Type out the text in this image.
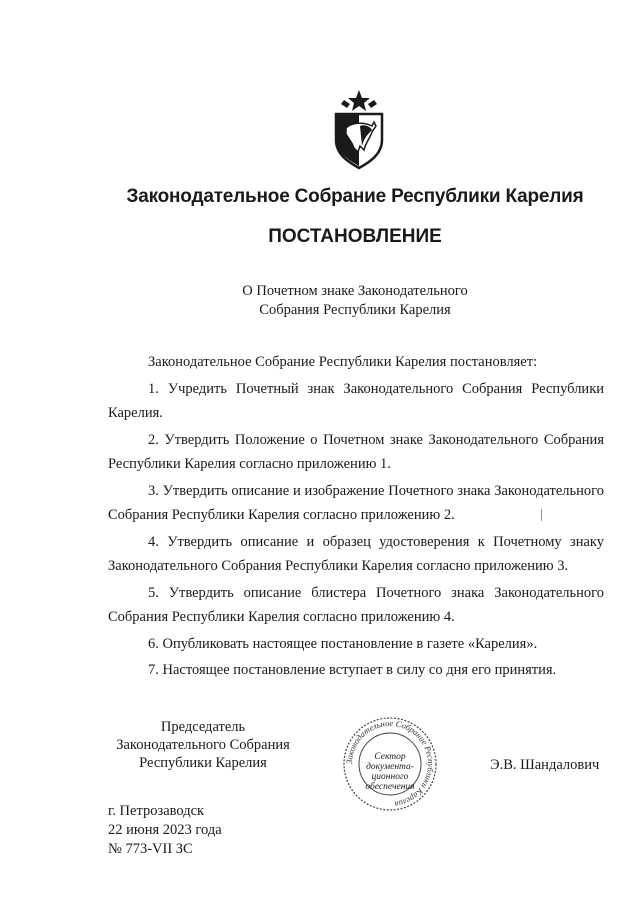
Законодательное Собрание Республики Карелия
ПОСТАНОВЛЕНИЕ
О Почетном знаке Законодательного
Собрания Республики Карелия

Законодательное Собрание Республики Карелия постановляет:

1. Учредить Почетный знак Законодательного Собрания Республики Карелия.

2. Утвердить Положение о Почетном знаке Законодательного Собрания Республики Карелия согласно приложению 1.

3. Утвердить описание и изображение Почетного знака Законодательного Собрания Республики Карелия согласно приложению 2.

4. Утвердить описание и образец удостоверения к Почетному знаку Законодательного Собрания Республики Карелия согласно приложению 3.

5. Утвердить описание блистера Почетного знака Законодательного Собрания Республики Карелия согласно приложению 4.

6. Опубликовать настоящее постановление в газете «Карелия».

7. Настоящее постановление вступает в силу со дня его принятия.

Председатель
Законодательного Собрания
Республики Карелия	Законодательное Собрание Республики Карелия
Сектор
документа-
ционного
обеспечения
Э.В. Шандалович
г. Петрозаводск
22 июня 2023 года
№ 773-VII ЗС
